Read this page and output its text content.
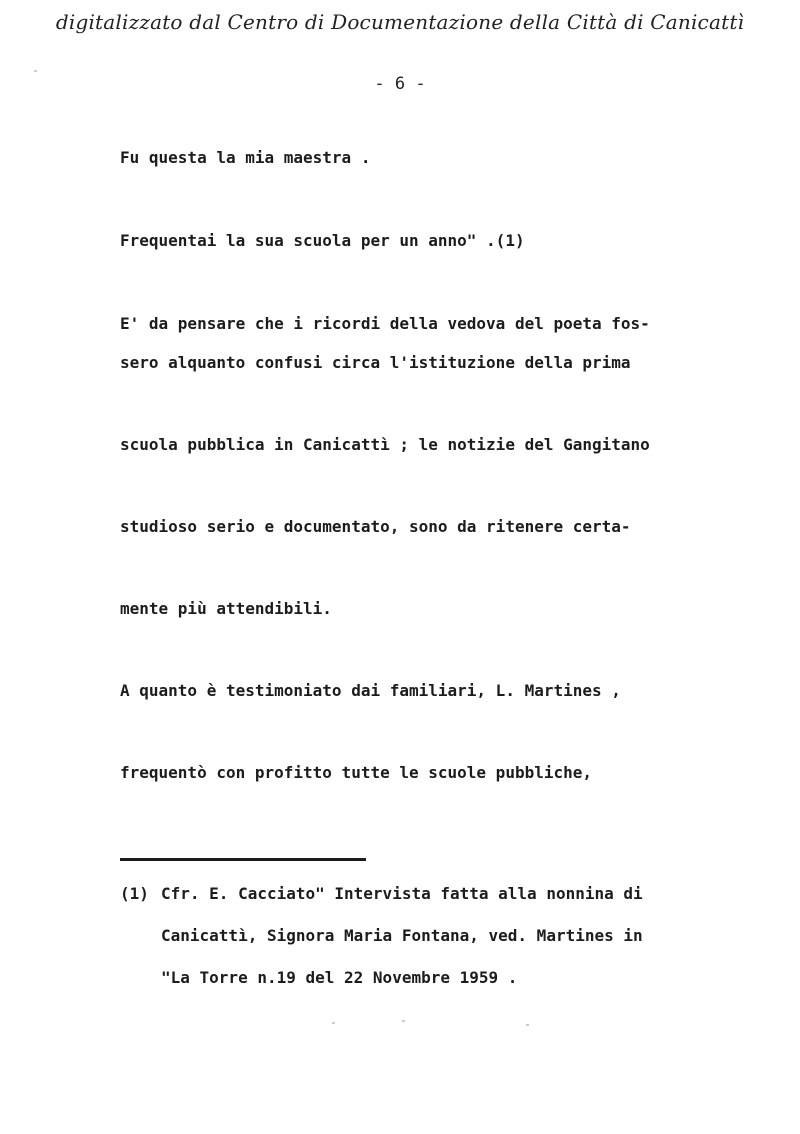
digitalizzato dal Centro di Documentazione della Città di Canicattì
- 6 -
Fu questa la mia maestra .
Frequentai la sua scuola per un anno" .(1)
E' da pensare che i ricordi della vedova del poeta fos-
sero alquanto confusi circa l'istituzione della prima
scuola pubblica in Canicattì ; le notizie del Gangitano
studioso serio e documentato, sono da ritenere certa-
mente più attendibili.
A quanto è testimoniato dai familiari, L. Martines ,
frequentò con profitto tutte le scuole pubbliche,
(1) Cfr. E. Cacciato" Intervista fatta alla nonnina di
Canicattì, Signora Maria Fontana, ved. Martines in
"La Torre n.19 del 22 Novembre 1959 .
